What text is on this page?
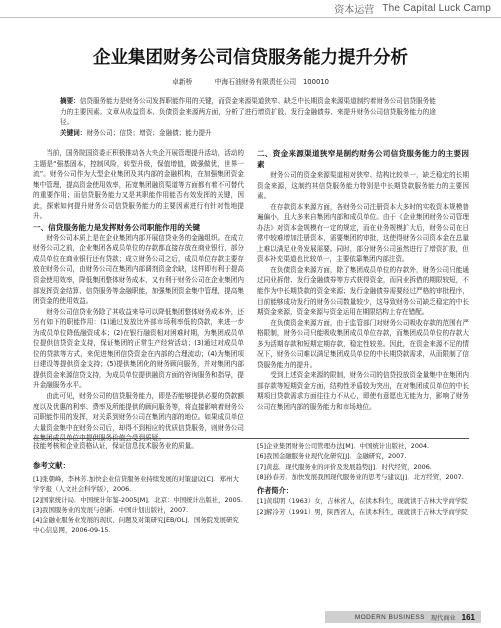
资本运营 The Capital Luck Camp
企业集团财务公司信贷服务能力提升分析
卓新桥	中海石油财务有限责任公司　100010
摘要：信贷服务能力是财务公司发挥职能作用的关键，而资金来源渠道狭窄、缺乏中长期资金来源渠道制约着财务公司信贷服务能力的主要因素。文章从收益资本、负债资金来源两方面，分析了进行增资扩股、发行金融债券、来提升财务公司信贷服务能力的途径。
关键词：财务公司；信贷；增资；金融债；能力提升

当前，国务院国资委正积极推动各大央企开展管理提升活动，活动的主题是“强基固本，控制风险，转型升级，保值增值，做强做优，世界一流”。财务公司作为大型企业集团及其内部的金融机构，在加强集团资金集中管理，提高资金使用效率，拓宽集团融资渠道等方面都有着不可替代的重要作用；而信贷服务能力又是其职能作用能否有效发挥的关键，因此，探索如何提升财务公司信贷服务能力的主要因素进行有针对性地提升。

一、信贷服务能力是发挥财务公司职能作用的关键

财务公司本质上是在企业集团内部开展信贷业务的金融组织。在成立财务公司之前，企业集团各成员单位的存款都直接存放在商业银行，部分成员单位在商业银行还有贷款；成立财务公司之后，成员单位存款主要存放在财务公司，由财务公司在集团内部调剂资金余缺，这样即有利于提高资金使用效率，降低集团整体财务成本，又有利于财务公司在企业集团内部发挥资金结算、信贷服务等金融职能，加强集团资金集中管理，提高集团资金的使用效益。

财务公司信贷业务除了其收益来导可以降低集团整体财务成本外，还另有如下的职能作用：(1)通过发放比外部市场利率低的贷款，来进一步为成员单位降低融资成本；(2)在银行融资相对困难时期，为集团成员单位提供信贷资金支持，保证集团的正常生产经营活动；(3)通过对成员单位的贷款等方式，来促进集团信贷资金在内部的合理流动；(4)为集团项目建设等提供资金支持；(5)提供集团化的财务顾问服务，并对集团内部提供资金来源信贷支持，为成员单位提供融资方面的咨询服务和指导，提升金融服务水平。

由此可见，财务公司的信贷服务能力，即是否能够提供必要的贷款额度以及优惠的利率、费率及所能提供的顾问服务等，将直接影响着财务公司职能作用的发挥，对关系到财务公司在集团内部的地位。如果成员单位大量资金集中在财务公司后，却得不到相应的优质信贷服务，则财务公司

二、资金来源渠道狭窄是制约财务公司信贷服务能力的主要因素

财务公司的资金来源渠道相对狭窄、结构比较单一，缺乏稳定的长期资金来源，这制约其信贷服务能力特别是中长期贷款服务能力的主要因素。

在存款资本来源方面，各财务公司注册资本大多时的实收资本规模普遍偏小，且大多来自集团内部和成员单位。由于《企业集团财务公司管理办法》对资本金规模有一定的规定，而在业务规模扩大后，财务公司在日常中较难增加注册资本，需要集团的审批，这使得财务公司资本金在总量上难以满足业务发展需要。同时，部分财务公司虽然进行了增资扩股，但资本补充渠道也比较单一，主要依靠集团内部注资。

在负债资金来源方面，除了集团成员单位的存款外，财务公司只能通过同业拆借、发行金融债券等方式获得资金，而同业拆借的期限较短，不能作为中长期贷款的资金来源；发行金融债券需要经过严格的审批程序，目前能够成功发行的财务公司数量较少，这导致财务公司缺乏稳定的中长期资金来源，资金来源与资金运用在期限结构上存在错配。

在负债资金来源方面，由于监管部门对财务公司吸收存款的范围有严格限制，财务公司只能吸收集团成员单位存款，而集团成员单位的存款大多为活期存款和短期定期存款，稳定性较差。因此，在资金来源不足的情况下，财务公司难以满足集团成员单位的中长期贷款需求，从而限制了信贷服务能力的提升。

受到上述资金来源的限制，财务公司的信贷投放资金量集中在集团内部存款等短期资金方面，结构性矛盾较为突出，在对集团成员单位的中长期项目贷款需求方面往往力不从心，即使有意愿也无能为力，影响了财务公司在集团内部的服务能力和市场地位。

技能考核和企业资格认证，保证信息技术服务业的质量。
参考文献：
[1]张朝峰，李林芳.加快企业信贷服务业持续发展的对策建议[C]．郑州大学学报（人文社会科学版），2006.
[2]国家统计局．中国统计年鉴-2005[M]．北京：中国统计出版社，2005.
[3]我国服务业的发展与创新．中国计划出版社，2007.
[4]金融业服务业发展的现状、问题及对策研究[EB/OL]．国务院发展研究中心信息网，2006-09-15.
[5]企业集团财务公司管理办法[M]．中国统计出版社，2004.
[6]我国金融服务业现代化研究[J]．金融研究，2007.
[7]黄蕊．现代服务业的评价及发展趋势[J]．时代经贸，2006.
[8]孙春芳．加快发展我国现代服务业的思考与建议[J]．北方经贸，2007.
作者简介：
[1]黄琪明（1963）女，吉林省人，在读本科生，现就读于吉林大学商学院
[2]解冷芳（1991）男，陕西省人，在读本科生，现就读于吉林大学商学院
MODERN BUSINESS 现代商业 161
